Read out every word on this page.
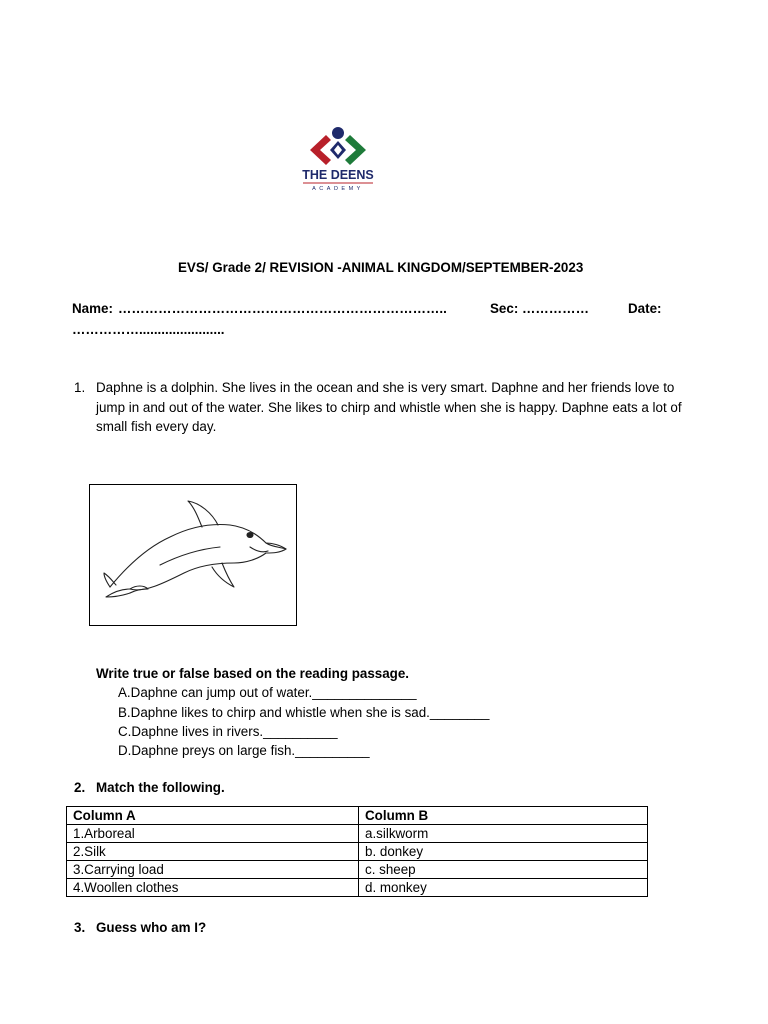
THE DEENS
ACADEMY
EVS/ Grade 2/ REVISION -ANIMAL KINGDOM/SEPTEMBER-2023
Name: ………………………………………………………………..	Sec: ……………	Date:
…………….......................
1. Daphne is a dolphin. She lives in the ocean and she is very smart. Daphne and her friends love to jump in and out of the water. She likes to chirp and whistle when she is happy. Daphne eats a lot of small fish every day.
Write true or false based on the reading passage.
A.Daphne can jump out of water.______________
B.Daphne likes to chirp and whistle when she is sad.________
C.Daphne lives in rivers.__________
D.Daphne preys on large fish.__________
2. Match the following.
Column A	Column B
1.Arboreal	a.silkworm
2.Silk	b. donkey
3.Carrying load	c. sheep
4.Woollen clothes	d. monkey
3. Guess who am I?
